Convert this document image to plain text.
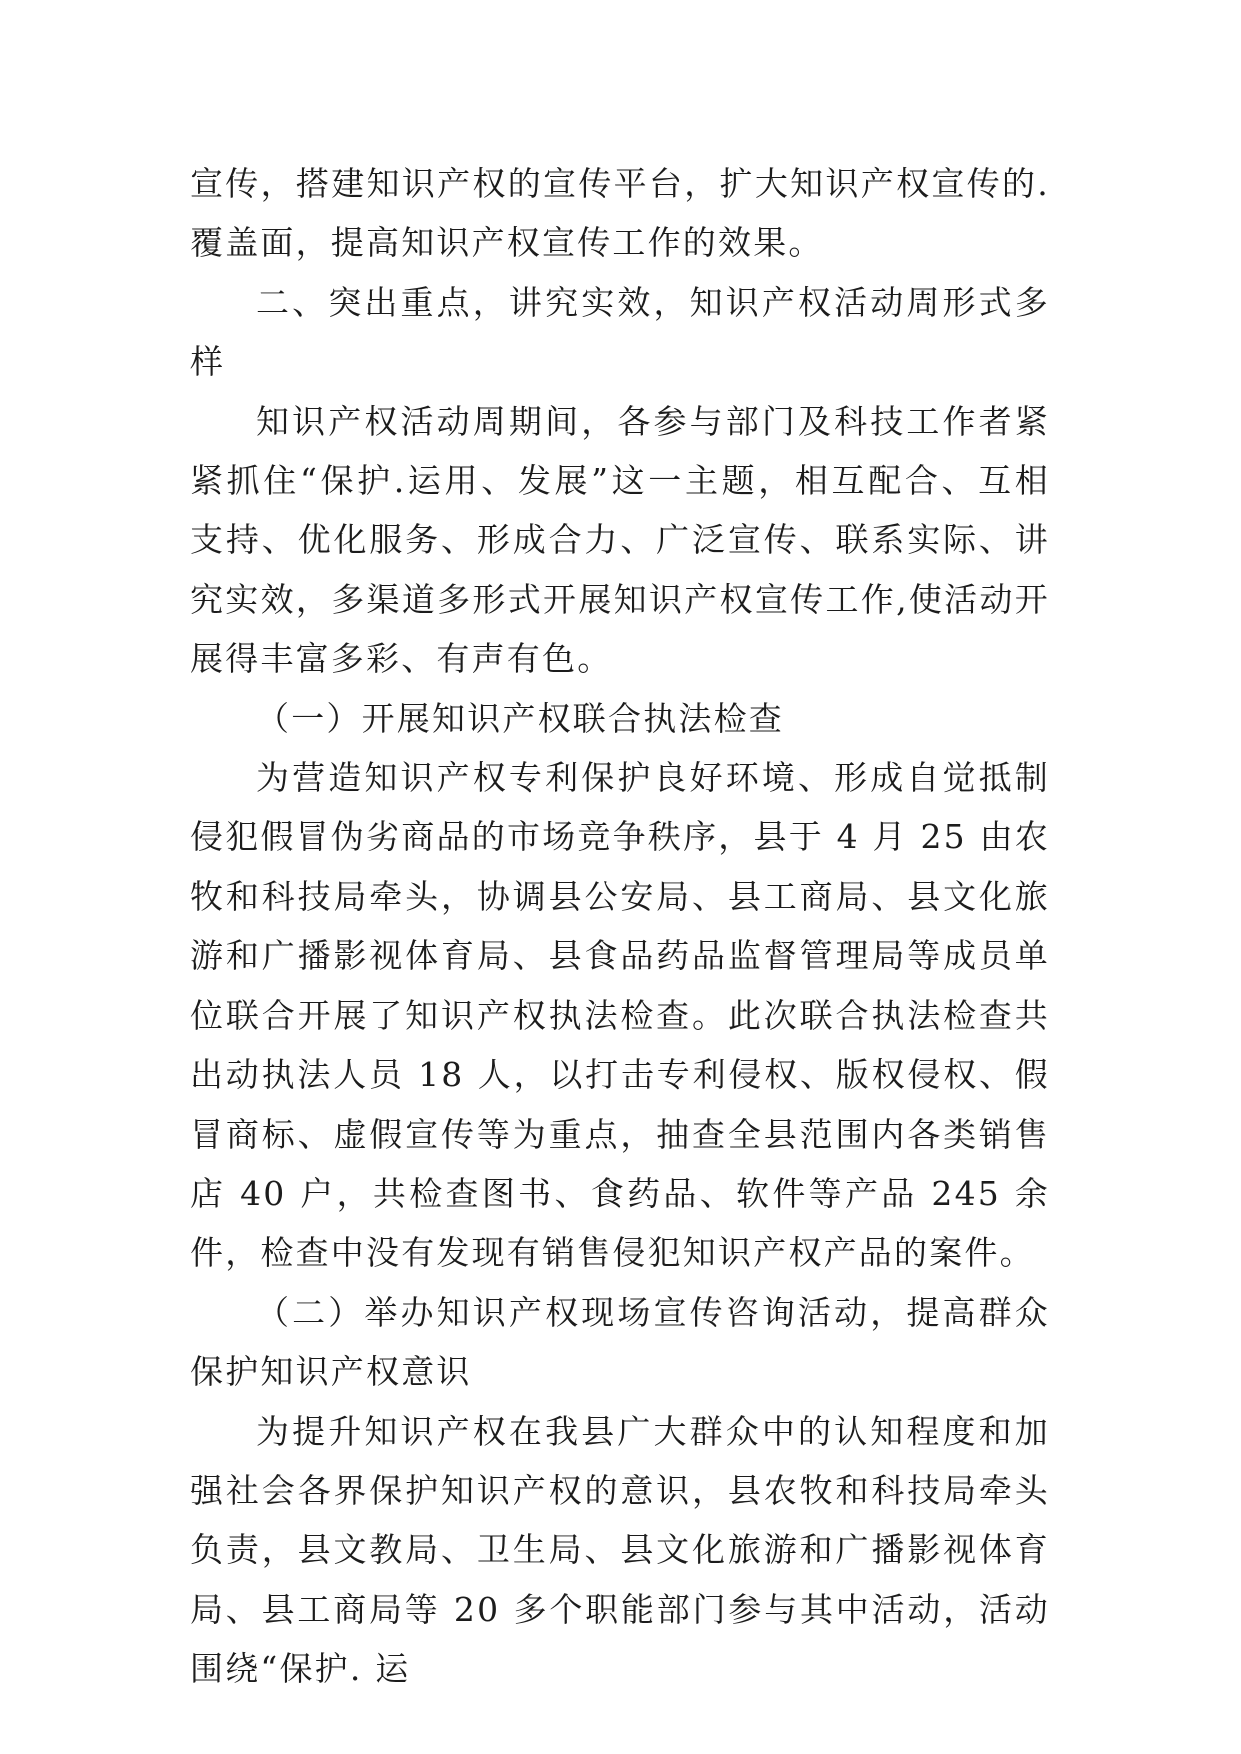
宣传，搭建知识产权的宣传平台，扩大知识产权宣传的.覆盖面，提高知识产权宣传工作的效果。

二、突出重点，讲究实效，知识产权活动周形式多样

知识产权活动周期间，各参与部门及科技工作者紧紧抓住“保护.运用、发展”这一主题，相互配合、互相支持、优化服务、形成合力、广泛宣传、联系实际、讲究实效，多渠道多形式开展知识产权宣传工作,使活动开展得丰富多彩、有声有色。

（一）开展知识产权联合执法检查

为营造知识产权专利保护良好环境、形成自觉抵制侵犯假冒伪劣商品的市场竞争秩序，县于 4 月 25 由农牧和科技局牵头，协调县公安局、县工商局、县文化旅游和广播影视体育局、县食品药品监督管理局等成员单位联合开展了知识产权执法检查。此次联合执法检查共出动执法人员 18 人，以打击专利侵权、版权侵权、假冒商标、虚假宣传等为重点，抽查全县范围内各类销售店 40 户，共检查图书、食药品、软件等产品 245 余件，检查中没有发现有销售侵犯知识产权产品的案件。

（二）举办知识产权现场宣传咨询活动，提高群众保护知识产权意识

为提升知识产权在我县广大群众中的认知程度和加强社会各界保护知识产权的意识，县农牧和科技局牵头负责，县文教局、卫生局、县文化旅游和广播影视体育局、县工商局等 20 多个职能部门参与其中活动，活动围绕“保护. 运
